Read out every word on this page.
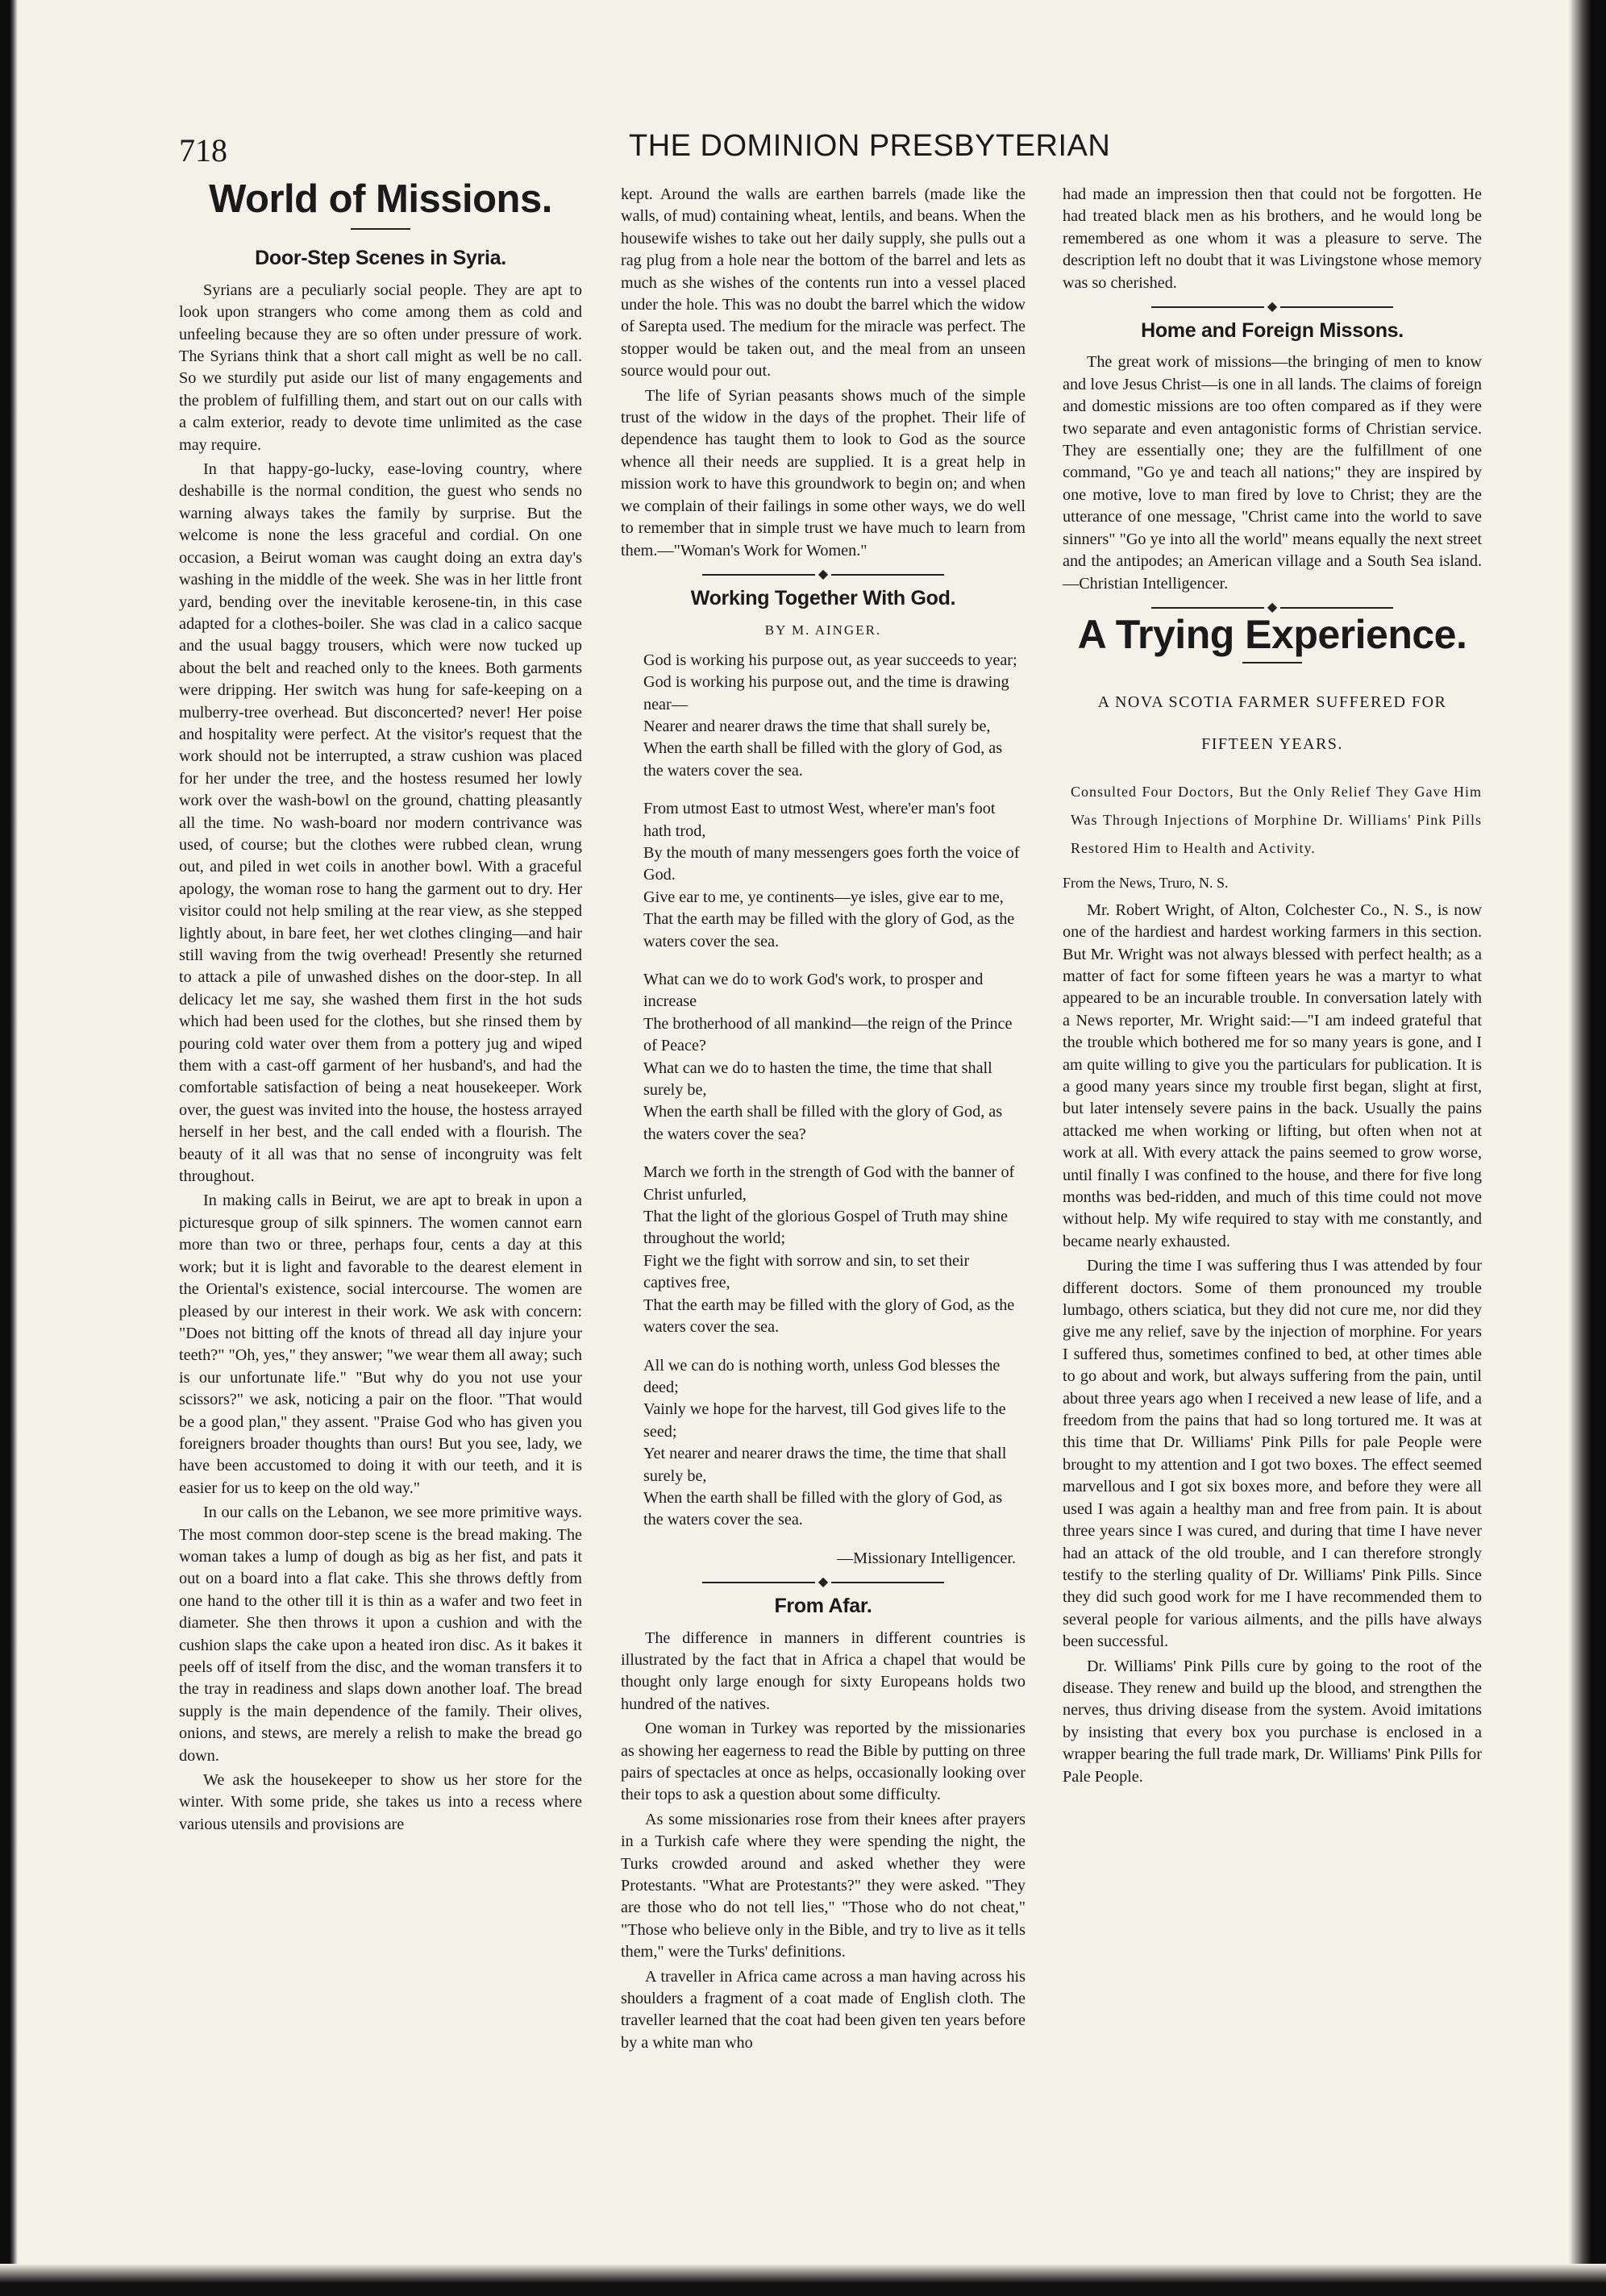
718	THE DOMINION PRESBYTERIAN
World of Missions.
Door-Step Scenes in Syria.

Syrians are a peculiarly social people. They are apt to look upon strangers who come among them as cold and unfeeling because they are so often under pressure of work. The Syrians think that a short call might as well be no call. So we sturdily put aside our list of many engagements and the problem of fulfilling them, and start out on our calls with a calm exterior, ready to devote time unlimited as the case may require.

In that happy-go-lucky, ease-loving country, where deshabille is the normal condition, the guest who sends no warning always takes the family by surprise. But the welcome is none the less graceful and cordial. On one occasion, a Beirut woman was caught doing an extra day's washing in the middle of the week. She was in her little front yard, bending over the inevitable kerosene-tin, in this case adapted for a clothes-boiler. She was clad in a calico sacque and the usual baggy trousers, which were now tucked up about the belt and reached only to the knees. Both garments were dripping. Her switch was hung for safe-keeping on a mulberry-tree overhead. But disconcerted? never! Her poise and hospitality were perfect. At the visitor's request that the work should not be interrupted, a straw cushion was placed for her under the tree, and the hostess resumed her lowly work over the wash-bowl on the ground, chatting pleasantly all the time. No wash-board nor modern contrivance was used, of course; but the clothes were rubbed clean, wrung out, and piled in wet coils in another bowl. With a graceful apology, the woman rose to hang the garment out to dry. Her visitor could not help smiling at the rear view, as she stepped lightly about, in bare feet, her wet clothes clinging—and hair still waving from the twig overhead! Presently she returned to attack a pile of unwashed dishes on the door-step. In all delicacy let me say, she washed them first in the hot suds which had been used for the clothes, but she rinsed them by pouring cold water over them from a pottery jug and wiped them with a cast-off garment of her husband's, and had the comfortable satisfaction of being a neat housekeeper. Work over, the guest was invited into the house, the hostess arrayed herself in her best, and the call ended with a flourish. The beauty of it all was that no sense of incongruity was felt throughout.

In making calls in Beirut, we are apt to break in upon a picturesque group of silk spinners. The women cannot earn more than two or three, perhaps four, cents a day at this work; but it is light and favorable to the dearest element in the Oriental's existence, social intercourse. The women are pleased by our interest in their work. We ask with concern: "Does not bitting off the knots of thread all day injure your teeth?" "Oh, yes," they answer; "we wear them all away; such is our unfortunate life." "But why do you not use your scissors?" we ask, noticing a pair on the floor. "That would be a good plan," they assent. "Praise God who has given you foreigners broader thoughts than ours! But you see, lady, we have been accustomed to doing it with our teeth, and it is easier for us to keep on the old way."

In our calls on the Lebanon, we see more primitive ways. The most common door-step scene is the bread making. The woman takes a lump of dough as big as her fist, and pats it out on a board into a flat cake. This she throws deftly from one hand to the other till it is thin as a wafer and two feet in diameter. She then throws it upon a cushion and with the cushion slaps the cake upon a heated iron disc. As it bakes it peels off of itself from the disc, and the woman transfers it to the tray in readiness and slaps down another loaf. The bread supply is the main dependence of the family. Their olives, onions, and stews, are merely a relish to make the bread go down.

We ask the housekeeper to show us her store for the winter. With some pride, she takes us into a recess where various utensils and provisions are

kept. Around the walls are earthen barrels (made like the walls, of mud) containing wheat, lentils, and beans. When the housewife wishes to take out her daily supply, she pulls out a rag plug from a hole near the bottom of the barrel and lets as much as she wishes of the contents run into a vessel placed under the hole. This was no doubt the barrel which the widow of Sarepta used. The medium for the miracle was perfect. The stopper would be taken out, and the meal from an unseen source would pour out.

The life of Syrian peasants shows much of the simple trust of the widow in the days of the prophet. Their life of dependence has taught them to look to God as the source whence all their needs are supplied. It is a great help in mission work to have this groundwork to begin on; and when we complain of their failings in some other ways, we do well to remember that in simple trust we have much to learn from them.—"Woman's Work for Women."

◆
Working Together With God.
BY M. AINGER.
God is working his purpose out, as year succeeds to year;
God is working his purpose out, and the time is drawing near—
Nearer and nearer draws the time that shall surely be,
When the earth shall be filled with the glory of God, as the waters cover the sea.
From utmost East to utmost West, where'er man's foot hath trod,
By the mouth of many messengers goes forth the voice of God.
Give ear to me, ye continents—ye isles, give ear to me,
That the earth may be filled with the glory of God, as the waters cover the sea.
What can we do to work God's work, to prosper and increase
The brotherhood of all mankind—the reign of the Prince of Peace?
What can we do to hasten the time, the time that shall surely be,
When the earth shall be filled with the glory of God, as the waters cover the sea?
March we forth in the strength of God with the banner of Christ unfurled,
That the light of the glorious Gospel of Truth may shine throughout the world;
Fight we the fight with sorrow and sin, to set their captives free,
That the earth may be filled with the glory of God, as the waters cover the sea.
All we can do is nothing worth, unless God blesses the deed;
Vainly we hope for the harvest, till God gives life to the seed;
Yet nearer and nearer draws the time, the time that shall surely be,
When the earth shall be filled with the glory of God, as the waters cover the sea.
—Missionary Intelligencer.
◆
From Afar.

The difference in manners in different countries is illustrated by the fact that in Africa a chapel that would be thought only large enough for sixty Europeans holds two hundred of the natives.

One woman in Turkey was reported by the missionaries as showing her eagerness to read the Bible by putting on three pairs of spectacles at once as helps, occasionally looking over their tops to ask a question about some difficulty.

As some missionaries rose from their knees after prayers in a Turkish cafe where they were spending the night, the Turks crowded around and asked whether they were Protestants. "What are Protestants?" they were asked. "They are those who do not tell lies," "Those who do not cheat," "Those who believe only in the Bible, and try to live as it tells them," were the Turks' definitions.

A traveller in Africa came across a man having across his shoulders a fragment of a coat made of English cloth. The traveller learned that the coat had been given ten years before by a white man who

had made an impression then that could not be forgotten. He had treated black men as his brothers, and he would long be remembered as one whom it was a pleasure to serve. The description left no doubt that it was Livingstone whose memory was so cherished.

◆
Home and Foreign Missons.

The great work of missions—the bringing of men to know and love Jesus Christ—is one in all lands. The claims of foreign and domestic missions are too often compared as if they were two separate and even antagonistic forms of Christian service. They are essentially one; they are the fulfillment of one command, "Go ye and teach all nations;" they are inspired by one motive, love to man fired by love to Christ; they are the utterance of one message, "Christ came into the world to save sinners" "Go ye into all the world" means equally the next street and the antipodes; an American village and a South Sea island.—Christian Intelligencer.

◆
A Trying Experience.
A NOVA SCOTIA FARMER SUFFERED FOR FIFTEEN YEARS.
Consulted Four Doctors, But the Only Relief They Gave Him Was Through Injections of Morphine Dr. Williams' Pink Pills Restored Him to Health and Activity.
From the News, Truro, N. S.

Mr. Robert Wright, of Alton, Colchester Co., N. S., is now one of the hardiest and hardest working farmers in this section. But Mr. Wright was not always blessed with perfect health; as a matter of fact for some fifteen years he was a martyr to what appeared to be an incurable trouble. In conversation lately with a News reporter, Mr. Wright said:—"I am indeed grateful that the trouble which bothered me for so many years is gone, and I am quite willing to give you the particulars for publication. It is a good many years since my trouble first began, slight at first, but later intensely severe pains in the back. Usually the pains attacked me when working or lifting, but often when not at work at all. With every attack the pains seemed to grow worse, until finally I was confined to the house, and there for five long months was bed-ridden, and much of this time could not move without help. My wife required to stay with me constantly, and became nearly exhausted.

During the time I was suffering thus I was attended by four different doctors. Some of them pronounced my trouble lumbago, others sciatica, but they did not cure me, nor did they give me any relief, save by the injection of morphine. For years I suffered thus, sometimes confined to bed, at other times able to go about and work, but always suffering from the pain, until about three years ago when I received a new lease of life, and a freedom from the pains that had so long tortured me. It was at this time that Dr. Williams' Pink Pills for pale People were brought to my attention and I got two boxes. The effect seemed marvellous and I got six boxes more, and before they were all used I was again a healthy man and free from pain. It is about three years since I was cured, and during that time I have never had an attack of the old trouble, and I can therefore strongly testify to the sterling quality of Dr. Williams' Pink Pills. Since they did such good work for me I have recommended them to several people for various ailments, and the pills have always been successful.

Dr. Williams' Pink Pills cure by going to the root of the disease. They renew and build up the blood, and strengthen the nerves, thus driving disease from the system. Avoid imitations by insisting that every box you purchase is enclosed in a wrapper bearing the full trade mark, Dr. Williams' Pink Pills for Pale People.
